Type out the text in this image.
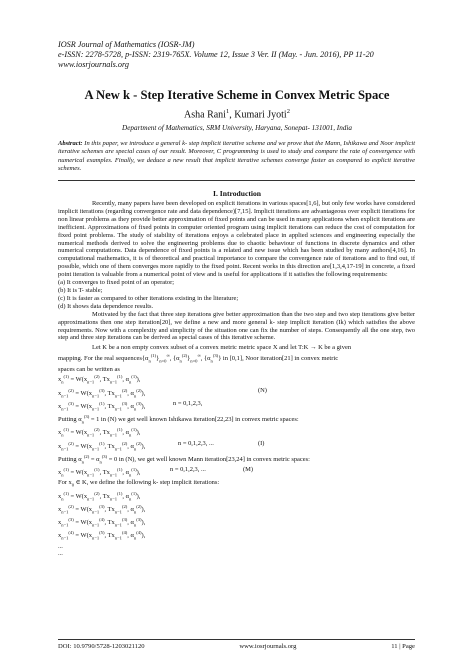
IOSR Journal of Mathematics (IOSR-JM)
e-ISSN: 2278-5728, p-ISSN: 2319-765X. Volume 12, Issue 3 Ver. II (May. - Jun. 2016), PP 11-20
www.iosrjournals.org
A New k - Step Iterative Scheme in Convex Metric Space
Asha Rani$^1$, Kumari Jyoti$^2$
Department of Mathematics, SRM University, Haryana, Sonepat- 131001, India
Abstract: In this paper, we introduce a general k- step implicit iterative scheme and we prove that the Mann, Ishikawa and Noor implicit iterative schemes are special cases of our result. Moreover, C programming is used to study and compare the rate of convergence with numerical examples. Finally, we deduce a new result that implicit iterative schemes converge faster as compared to explicit iterative schemes.
I. Introduction

Recently, many papers have been developed on explicit iterations in various spaces[1,6], but only few works have considered implicit iterations (regarding convergence rate and data dependence)[7,15]. Implicit iterations are advantageous over explicit iterations for non linear problems as they provide better approximation of fixed points and can be used in many applications when explicit iterations are inefficient. Approximations of fixed points in computer oriented program using implicit iterations can reduce the cost of computation for fixed point problems. The study of stability of iterations enjoys a celebrated place in applied sciences and engineering especially the numerical methods derived to solve the engineering problems due to chaotic behaviour of functions in discrete dynamics and other numerical computations. Data dependence of fixed points is a related and new issue which has been studied by many authors[4,16]. In computational mathematics, it is of theoretical and practical importance to compare the convergence rate of iterations and to find out, if possible, which one of them converges more rapidly to the fixed point. Recent works in this direction are[1,3,4,17-19] in concrete, a fixed point iteration is valuable from a numerical point of view and is useful for applications if it satisfies the following requirements:

(a) It converges to fixed point of an operator;

(b) It is T- stable;

(c) It is faster as compared to other iterations existing in the literature;

(d) It shows data dependence results.

Motivated by the fact that three step iterations give better approximation than the two step and two step iterations give better approximations then one step iteration[20], we define a new and more general k- step implicit iteration (Ik) which satisfies the above requirements. Now with a complexity and simplicity of the situation one can fix the number of steps. Consequently all the one step, two step and three step iterations can be derived as special cases of this iterative scheme.

Let K be a non empty convex subset of a convex metric metric space X and let T:K → K be a given

mapping. For the real $sequences\{\alpha_n^{(1)}\}_{n=0}^\infty$, $\{\alpha_n^{(2)}\}_{n=0}^\infty$, $\{\alpha_n^{(3)}\}$ in [0,1], Noor iteration[21] in convex metric

spaces can be written as

$x_n^{(1)} = W(x_{n-1}^{(2)}$, $Tx_{n-1}^{(1)}$, $\alpha_n^{(1)}$),
$x_{n-1}^{(2)} = W(x_{n-1}^{(3)}$, $Tx_{n-1}^{(2)}$, $\alpha_n^{(2)}$),	(N)
$x_{n-1}^{(3)} = W(x_{n-1}^{(1)}$, $Tx_{n-1}^{(3)}$, $\alpha_n^{(3)}$),	n = 0,1,2,3,

Putting $\alpha_n^{(3)} = 1$ in (N) we get well known Ishikawa iteration[22,23] in convex metric spaces:

$x_n^{(1)} = W(x_{n-1}^{(2)}$, $Tx_{n-1}^{(1)}$, $\alpha_n^{(1)}$),
$x_{n-1}^{(2)} = W(x_{n-1}^{(1)}$, $Tx_{n-1}^{(2)}$, $\alpha_n^{(2)}$),	n = 0,1,2,3, ...	(I)

Putting $\alpha_n^{(2)} = \alpha_n^{(3)} = 0$ in (N), we get well known Mann iteration[23,24] in convex metric spaces:

$x_n^{(1)} = W(x_{n-1}^{(1)}$, $Tx_{n-1}^{(1)}$, $\alpha_n^{(1)}$),	n = 0,1,2,3, ...	(M)

For $x_0$ ∈ K, we define the following k- step implicit iterations:

$x_n^{(1)} = W(x_{n-1}^{(2)}$, $Tx_{n-1}^{(1)}$, $\alpha_n^{(1)}$),
$x_{n-1}^{(2)} = W(x_{n-1}^{(3)}$, $Tx_{n-1}^{(2)}$, $\alpha_n^{(2)}$),
$x_{n-1}^{(3)} = W(x_{n-1}^{(4)}$, $Tx_{n-1}^{(3)}$, $\alpha_n^{(3)}$),
$x_{n-1}^{(4)} = W(x_{n-1}^{(5)}$, $Tx_{n-1}^{(4)}$, $\alpha_n^{(4)}$),
...
...
DOI: 10.9790/5728-1203021120	www.iosrjournals.org	11 | Page
